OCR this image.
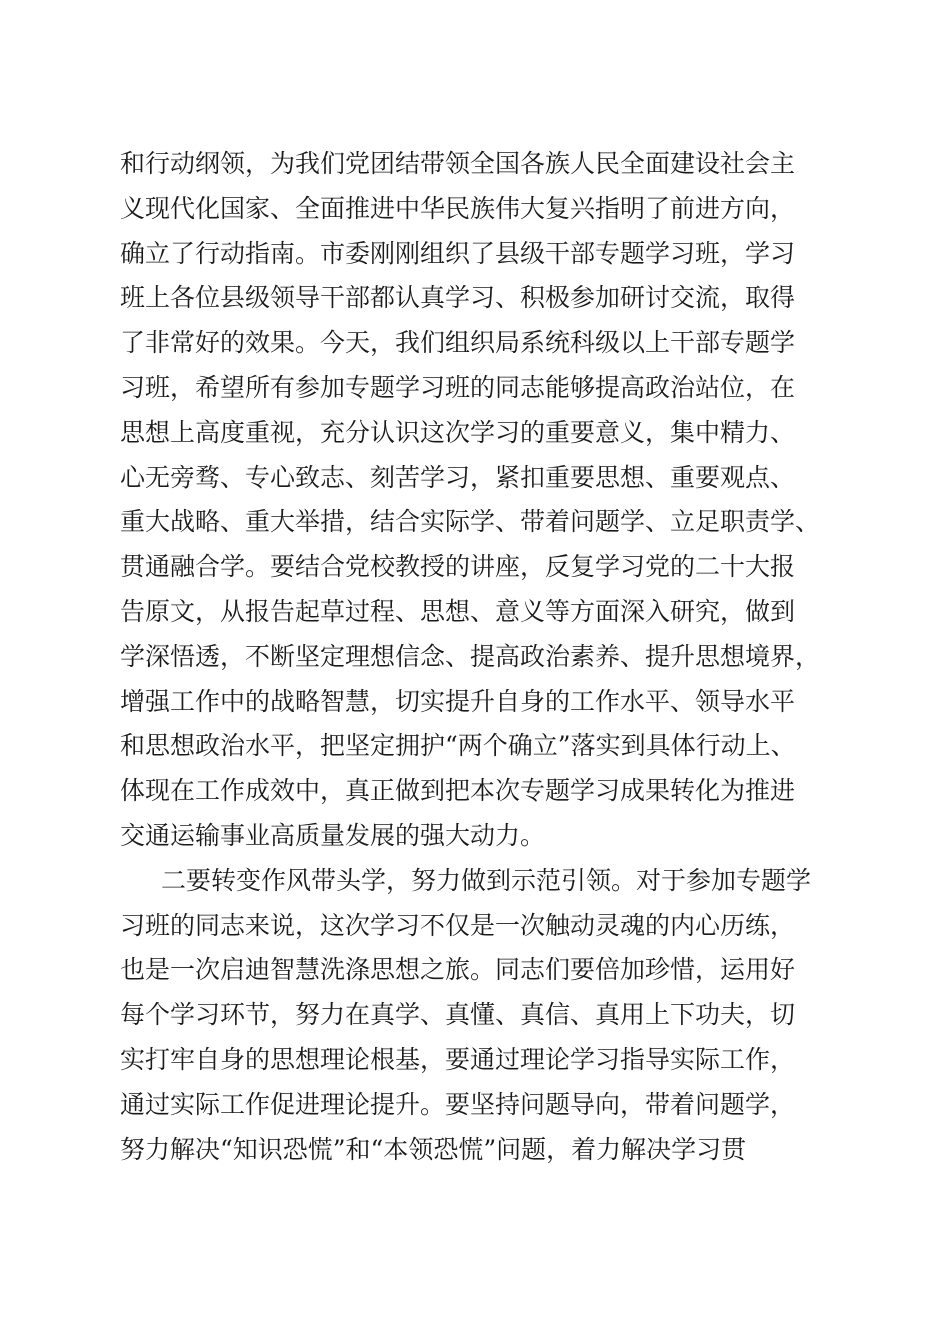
和行动纲领，为我们党团结带领全国各族人民全面建设社会主
义现代化国家、全面推进中华民族伟大复兴指明了前进方向，
确立了行动指南。市委刚刚组织了县级干部专题学习班，学习
班上各位县级领导干部都认真学习、积极参加研讨交流，取得
了非常好的效果。今天，我们组织局系统科级以上干部专题学
习班，希望所有参加专题学习班的同志能够提高政治站位，在
思想上高度重视，充分认识这次学习的重要意义，集中精力、
心无旁骛、专心致志、刻苦学习，紧扣重要思想、重要观点、
重大战略、重大举措，结合实际学、带着问题学、立足职责学、
贯通融合学。要结合党校教授的讲座，反复学习党的二十大报
告原文，从报告起草过程、思想、意义等方面深入研究，做到
学深悟透，不断坚定理想信念、提高政治素养、提升思想境界，
增强工作中的战略智慧，切实提升自身的工作水平、领导水平
和思想政治水平，把坚定拥护“两个确立”落实到具体行动上、
体现在工作成效中，真正做到把本次专题学习成果转化为推进
交通运输事业高质量发展的强大动力。
二要转变作风带头学，努力做到示范引领。对于参加专题学
习班的同志来说，这次学习不仅是一次触动灵魂的内心历练，
也是一次启迪智慧洗涤思想之旅。同志们要倍加珍惜，运用好
每个学习环节，努力在真学、真懂、真信、真用上下功夫，切
实打牢自身的思想理论根基，要通过理论学习指导实际工作，
通过实际工作促进理论提升。要坚持问题导向，带着问题学，
努力解决“知识恐慌”和“本领恐慌”问题，着力解决学习贯
